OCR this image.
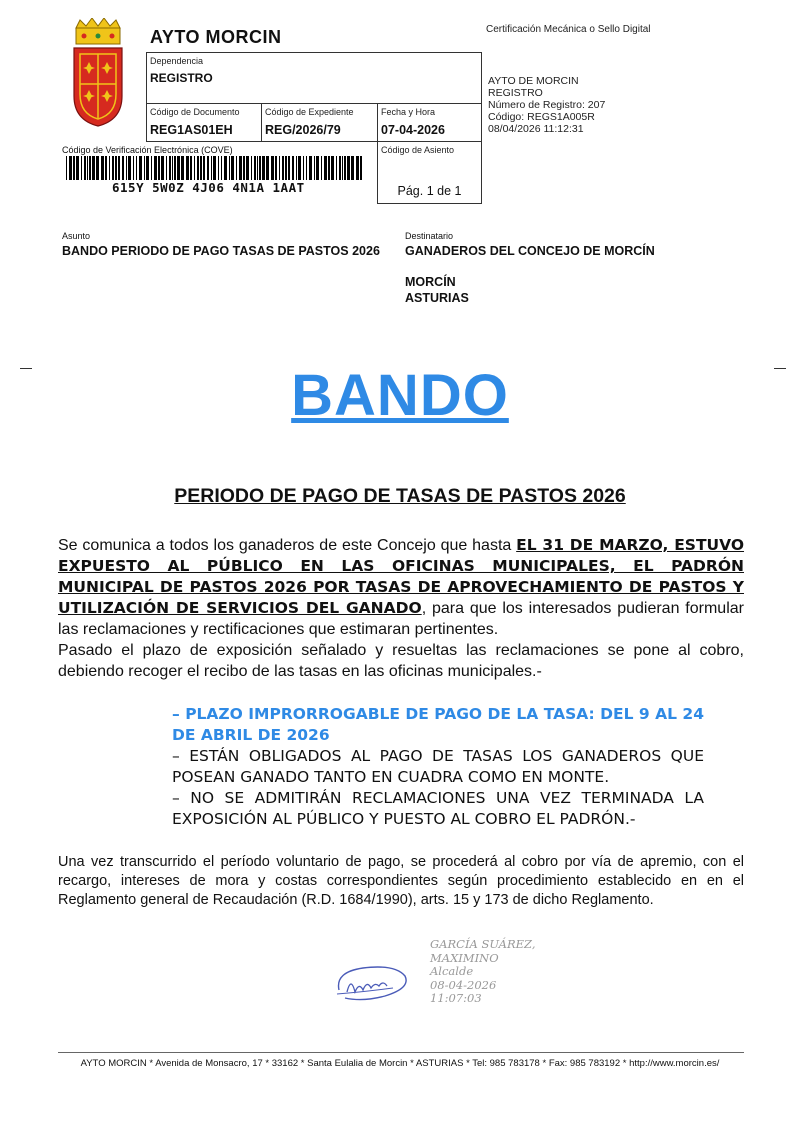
AYTO MORCIN	Certificación Mecánica o Sello Digital
AYTO DE MORCIN
REGISTRO
Número de Registro: 207
Código: REGS1A005R
08/04/2026 11:12:31
Dependencia
REGISTRO
Código de Documento
REG1AS01EH
Código de Expediente
REG/2026/79
Fecha y Hora
07-04-2026
Código de Asiento
Pág. 1 de 1
Código de Verificación Electrónica (COVE)
615Y 5W0Z 4J06 4N1A 1AAT
Asunto
BANDO PERIODO DE PAGO TASAS DE PASTOS 2026
Destinatario
GANADEROS DEL CONCEJO DE MORCÍN
MORCÍN
ASTURIAS
BANDO
PERIODO DE PAGO DE TASAS DE PASTOS 2026
Se comunica a todos los ganaderos de este Concejo que hasta EL 31 DE MARZO, ESTUVO EXPUESTO AL PÚBLICO EN LAS OFICINAS MUNICIPALES, EL PADRÓN MUNICIPAL DE PASTOS 2026 POR TASAS DE APROVECHAMIENTO DE PASTOS Y UTILIZACIÓN DE SERVICIOS DEL GANADO, para que los interesados pudieran formular las reclamaciones y rectificaciones que estimaran pertinentes.
Pasado el plazo de exposición señalado y resueltas las reclamaciones se pone al cobro, debiendo recoger el recibo de las tasas en las oficinas municipales.-
– PLAZO IMPRORROGABLE DE PAGO DE LA TASA: DEL 9 AL 24 DE ABRIL DE 2026
– ESTÁN OBLIGADOS AL PAGO DE TASAS LOS GANADEROS QUE POSEAN GANADO TANTO EN CUADRA COMO EN MONTE.
– NO SE ADMITIRÁN RECLAMACIONES UNA VEZ TERMINADA LA EXPOSICIÓN AL PÚBLICO Y PUESTO AL COBRO EL PADRÓN.-
Una vez transcurrido el período voluntario de pago, se procederá al cobro por vía de apremio, con el recargo, intereses de mora y costas correspondientes según procedimiento establecido en en el Reglamento general de Recaudación (R.D. 1684/1990), arts. 15 y 173 de dicho Reglamento.
GARCÍA SUÁREZ,
MAXIMINO
Alcalde
08-04-2026
11:07:03
AYTO MORCIN * Avenida de Monsacro, 17 * 33162 * Santa Eulalia de Morcin * ASTURIAS * Tel: 985 783178 * Fax: 985 783192 * http://www.morcin.es/
